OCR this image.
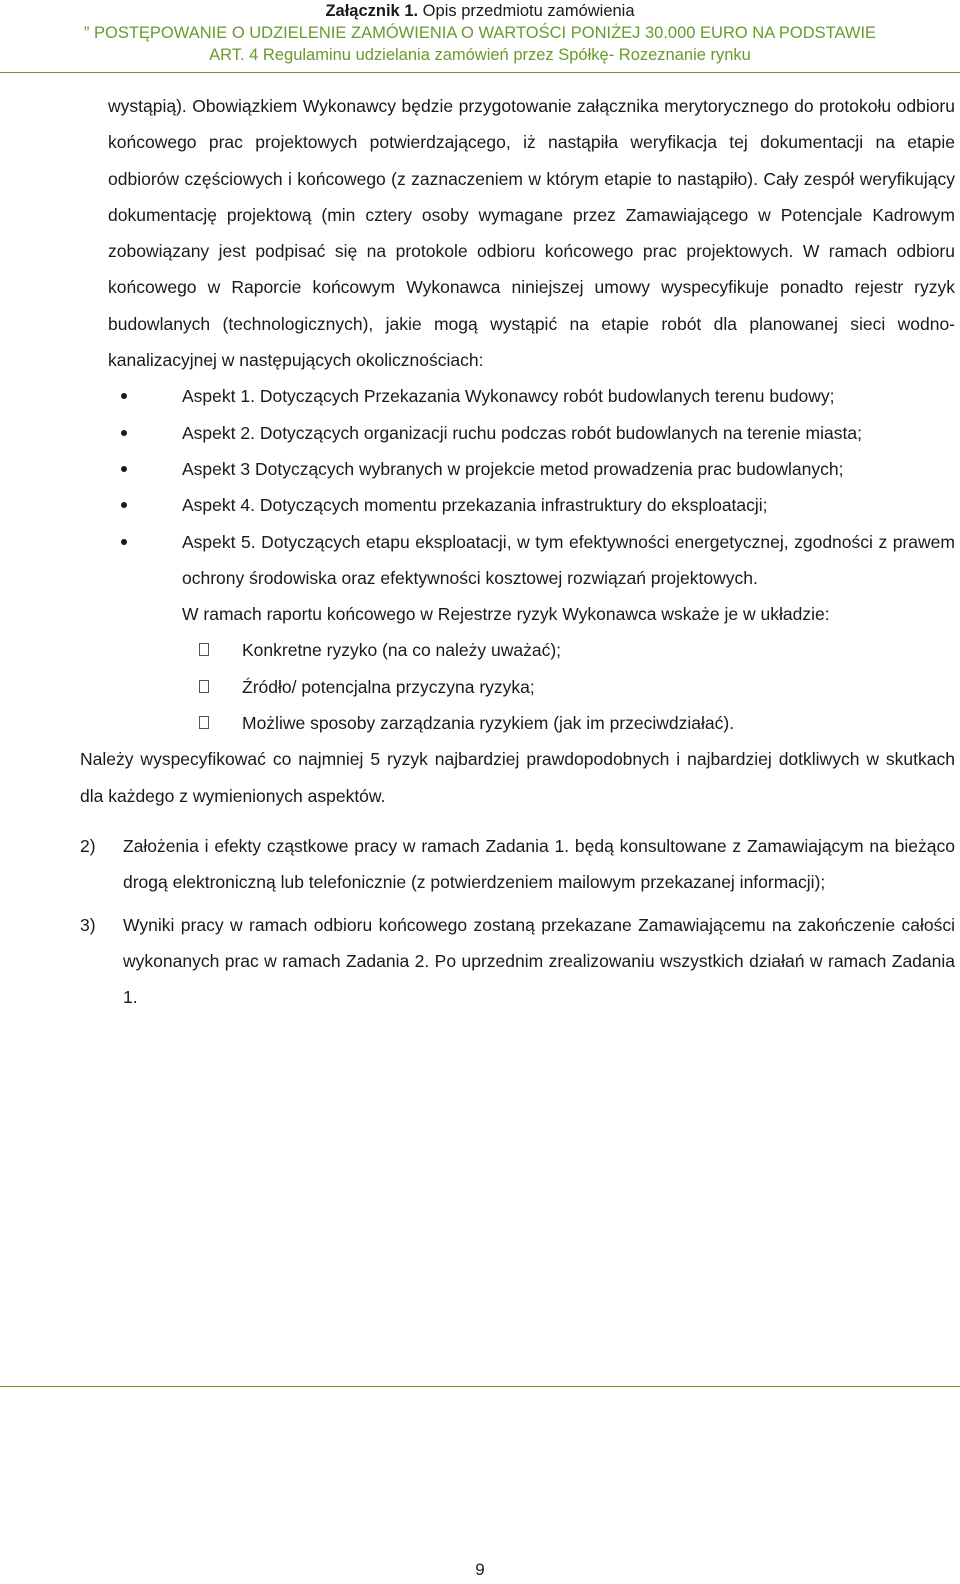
Załącznik 1. Opis przedmiotu zamówienia
” POSTĘPOWANIE O UDZIELENIE ZAMÓWIENIA O WARTOŚCI PONIŻEJ 30.000 EURO NA PODSTAWIE
ART. 4 Regulaminu udzielania zamówień przez Spółkę- Rozeznanie rynku

wystąpią). Obowiązkiem Wykonawcy będzie przygotowanie załącznika merytorycznego do protokołu odbioru końcowego prac projektowych potwierdzającego, iż nastąpiła weryfikacja tej dokumentacji na etapie odbiorów częściowych i końcowego (z zaznaczeniem w którym etapie to nastąpiło). Cały zespół weryfikujący dokumentację projektową (min cztery osoby wymagane przez Zamawiającego w Potencjale Kadrowym zobowiązany jest podpisać się na protokole odbioru końcowego prac projektowych. W ramach odbioru końcowego w Raporcie końcowym Wykonawca niniejszej umowy wyspecyfikuje ponadto rejestr ryzyk budowlanych (technologicznych), jakie mogą wystąpić na etapie robót dla planowanej sieci wodno-kanalizacyjnej w następujących okolicznościach:

Aspekt 1. Dotyczących Przekazania Wykonawcy robót budowlanych terenu budowy;
Aspekt 2. Dotyczących organizacji ruchu podczas robót budowlanych na terenie miasta;
Aspekt 3 Dotyczących wybranych w projekcie metod prowadzenia prac budowlanych;
Aspekt 4. Dotyczących momentu przekazania infrastruktury do eksploatacji;
Aspekt 5. Dotyczących etapu eksploatacji, w tym efektywności energetycznej, zgodności z prawem ochrony środowiska oraz efektywności kosztowej rozwiązań projektowych.

W ramach raportu końcowego w Rejestrze ryzyk Wykonawca wskaże je w układzie:

Konkretne ryzyko (na co należy uważać);
Źródło/ potencjalna przyczyna ryzyka;
Możliwe sposoby zarządzania ryzykiem (jak im przeciwdziałać).

Należy wyspecyfikować co najmniej 5 ryzyk najbardziej prawdopodobnych i najbardziej dotkliwych w skutkach dla każdego z wymienionych aspektów.

2) Założenia i efekty cząstkowe pracy w ramach Zadania 1. będą konsultowane z Zamawiającym na bieżąco drogą elektroniczną lub telefonicznie (z potwierdzeniem mailowym przekazanej informacji);
3) Wyniki pracy w ramach odbioru końcowego zostaną przekazane Zamawiającemu na zakończenie całości wykonanych prac w ramach Zadania 2. Po uprzednim zrealizowaniu wszystkich działań w ramach Zadania 1.
9
